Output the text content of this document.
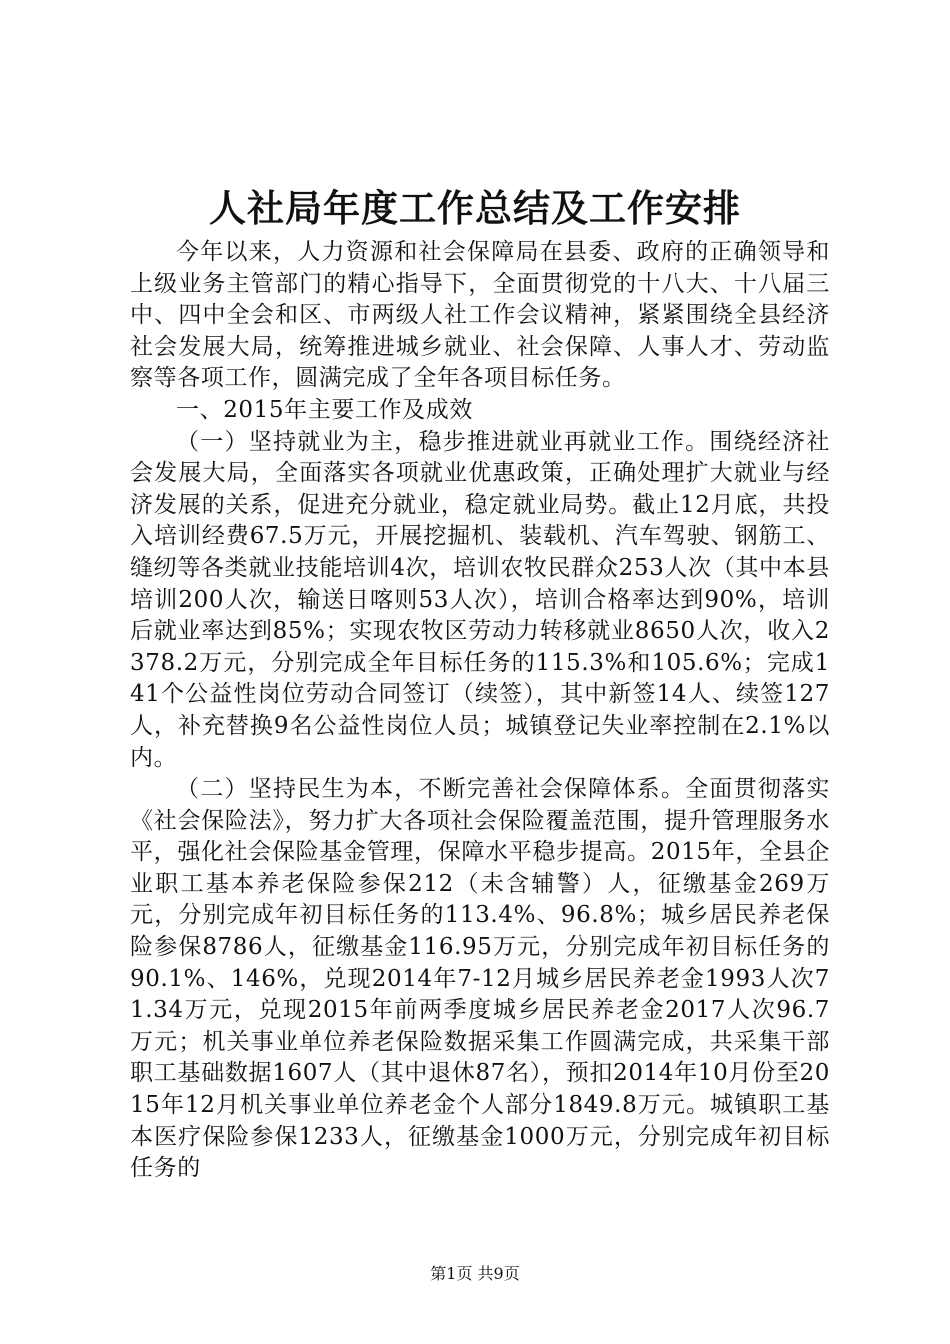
人社局年度工作总结及工作安排

今年以来，人力资源和社会保障局在县委、政府的正确领导和上级业务主管部门的精心指导下，全面贯彻党的十八大、十八届三中、四中全会和区、市两级人社工作会议精神，紧紧围绕全县经济社会发展大局，统筹推进城乡就业、社会保障、人事人才、劳动监察等各项工作，圆满完成了全年各项目标任务。

一、2015年主要工作及成效

（一）坚持就业为主，稳步推进就业再就业工作。围绕经济社会发展大局，全面落实各项就业优惠政策，正确处理扩大就业与经济发展的关系，促进充分就业，稳定就业局势。截止12月底，共投入培训经费67.5万元，开展挖掘机、装载机、汽车驾驶、钢筋工、缝纫等各类就业技能培训4次，培训农牧民群众253人次（其中本县培训200人次，输送日喀则53人次），培训合格率达到90%，培训后就业率达到85%；实现农牧区劳动力转移就业8650人次，收入2378.2万元，分别完成全年目标任务的115.3%和105.6%；完成141个公益性岗位劳动合同签订（续签），其中新签14人、续签127人，补充替换9名公益性岗位人员；城镇登记失业率控制在2.1%以内。

（二）坚持民生为本，不断完善社会保障体系。全面贯彻落实《社会保险法》，努力扩大各项社会保险覆盖范围，提升管理服务水平，强化社会保险基金管理，保障水平稳步提高。2015年，全县企业职工基本养老保险参保212（未含辅警）人，征缴基金269万元，分别完成年初目标任务的113.4%、96.8%；城乡居民养老保险参保8786人，征缴基金116.95万元，分别完成年初目标任务的90.1%、146%，兑现2014年7-12月城乡居民养老金1993人次71.34万元，兑现2015年前两季度城乡居民养老金2017人次96.7万元；机关事业单位养老保险数据采集工作圆满完成，共采集干部职工基础数据1607人（其中退休87名），预扣2014年10月份至2015年12月机关事业单位养老金个人部分1849.8万元。城镇职工基本医疗保险参保1233人，征缴基金1000万元，分别完成年初目标任务的

第1页 共9页
